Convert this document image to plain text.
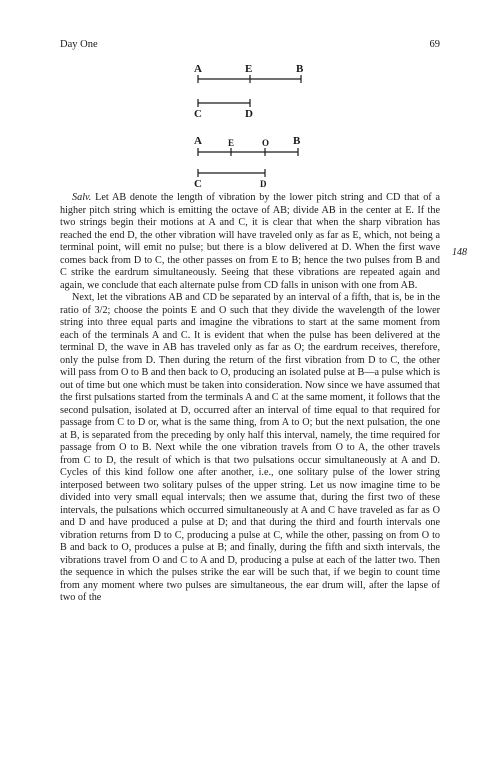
Day One	69
A	E	B
C	D
A	E	O B
C	D

Salv. Let AB denote the length of vibration by the lower pitch string and CD that of a higher pitch string which is emitting the octave of AB; divide AB in the center at E. If the two strings begin their motions at A and C, it is clear that when the sharp vibration has reached the end D, the other vibration will have traveled only as far as E, which, not being a terminal point, will emit no pulse; but there is a blow delivered at D. When the first wave comes back from D to C, the other passes on from E to B; hence the two pulses from B and C strike the eardrum simultaneously. Seeing that these vibrations are repeated again and again, we conclude that each alternate pulse from CD falls in unison with one from AB.

Next, let the vibrations AB and CD be separated by an interval of a fifth, that is, be in the ratio of 3/2; choose the points E and O such that they divide the wavelength of the lower string into three equal parts and imagine the vibrations to start at the same moment from each of the terminals A and C. It is evident that when the pulse has been delivered at the terminal D, the wave in AB has traveled only as far as O; the eardrum receives, therefore, only the pulse from D. Then during the return of the first vibration from D to C, the other will pass from O to B and then back to O, producing an isolated pulse at B—a pulse which is out of time but one which must be taken into consideration. Now since we have assumed that the first pulsations started from the terminals A and C at the same moment, it follows that the second pulsation, isolated at D, occurred after an interval of time equal to that required for passage from C to D or, what is the same thing, from A to O; but the next pulsation, the one at B, is separated from the preceding by only half this interval, namely, the time required for passage from O to B. Next while the one vibration travels from O to A, the other travels from C to D, the result of which is that two pulsations occur simultaneously at A and D. Cycles of this kind follow one after another, i.e., one solitary pulse of the lower string interposed between two solitary pulses of the upper string. Let us now imagine time to be divided into very small equal intervals; then we assume that, during the first two of these intervals, the pulsations which occurred simultaneously at A and C have traveled as far as O and D and have produced a pulse at D; and that during the third and fourth intervals one vibration returns from D to C, producing a pulse at C, while the other, passing on from O to B and back to O, produces a pulse at B; and finally, during the fifth and sixth intervals, the vibrations travel from O and C to A and D, producing a pulse at each of the latter two. Then the sequence in which the pulses strike the ear will be such that, if we begin to count time from any moment where two pulses are simultaneous, the ear drum will, after the lapse of two of the

148
